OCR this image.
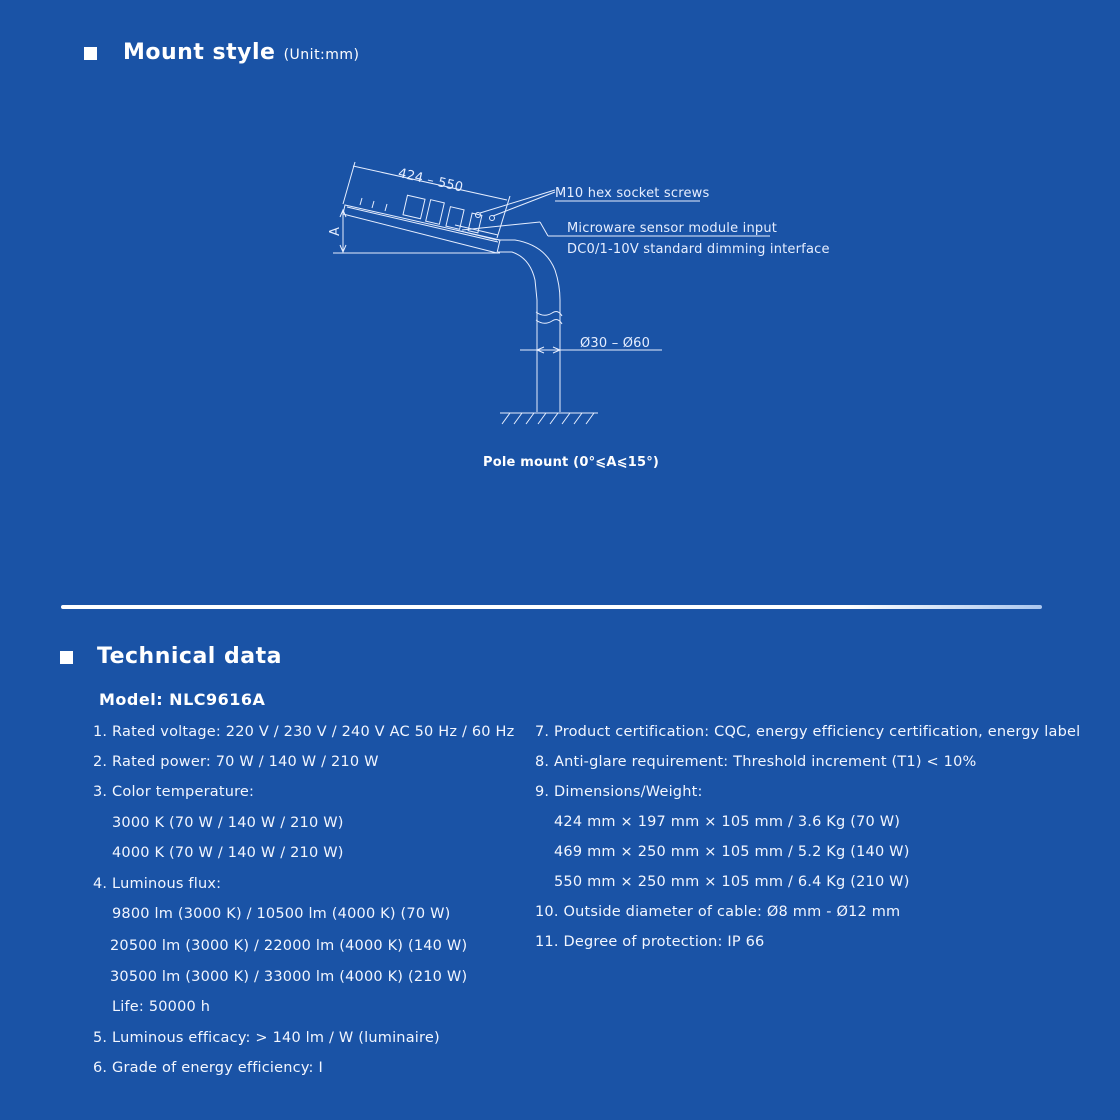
Mount style (Unit:mm)
424 – 550	M10 hex socket screws
Microware sensor module input
DC0/1-10V standard dimming interface
A
Ø30 – Ø60
Pole mount (0°⩽A⩽15°)
Technical data
Model: NLC9616A
1. Rated voltage: 220 V / 230 V / 240 V AC 50 Hz / 60 Hz
2. Rated power: 70 W / 140 W / 210 W
3. Color temperature:
3000 K (70 W / 140 W / 210 W)
4000 K (70 W / 140 W / 210 W)
4. Luminous flux:
9800 lm (3000 K) / 10500 lm (4000 K) (70 W)
20500 lm (3000 K) / 22000 lm (4000 K) (140 W)
30500 lm (3000 K) / 33000 lm (4000 K) (210 W)
Life: 50000 h
5. Luminous efficacy: > 140 lm / W (luminaire)
6. Grade of energy efficiency: I
7. Product certification: CQC, energy efficiency certification, energy label
8. Anti-glare requirement: Threshold increment (T1) < 10%
9. Dimensions/Weight:
424 mm × 197 mm × 105 mm / 3.6 Kg (70 W)
469 mm × 250 mm × 105 mm / 5.2 Kg (140 W)
550 mm × 250 mm × 105 mm / 6.4 Kg (210 W)
10. Outside diameter of cable: Ø8 mm - Ø12 mm
11. Degree of protection: IP 66
